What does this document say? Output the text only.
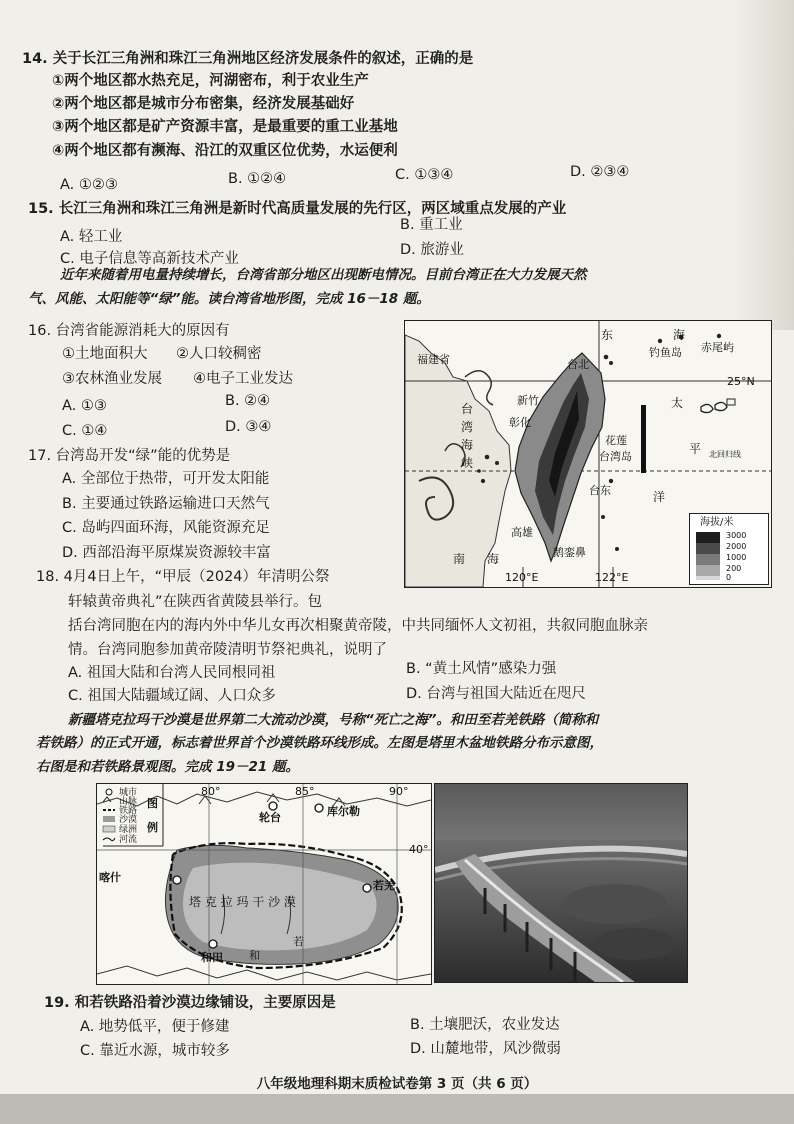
14. 关于长江三角洲和珠江三角洲地区经济发展条件的叙述，正确的是
①两个地区都水热充足，河湖密布，利于农业生产
②两个地区都是城市分布密集，经济发展基础好
③两个地区都是矿产资源丰富，是最重要的重工业基地
④两个地区都有濒海、沿江的双重区位优势，水运便利
A. ①②③	B. ①②④	C. ①③④	D. ②③④
15. 长江三角洲和珠江三角洲是新时代高质量发展的先行区，两区域重点发展的产业
A. 轻工业
B. 重工业
C. 电子信息等高新技术产业
D. 旅游业
近年来随着用电量持续增长，台湾省部分地区出现断电情况。目前台湾正在大力发展天然
气、风能、太阳能等“绿”能。读台湾省地形图，完成 16－18 题。
16. 台湾省能源消耗大的原因有
①土地面积大 ②人口较稠密
③农林渔业发展 ④电子工业发达
A. ①③	B. ②④
C. ①④	D. ③④
17. 台湾岛开发“绿”能的优势是
A. 全部位于热带，可开发太阳能
B. 主要通过铁路运输进口天然气
C. 岛屿四面环海，风能资源充足
D. 西部沿海平原煤炭资源较丰富
福建省
东	海
钓鱼岛 赤尾屿
台北
25°N
新竹
彰化
台
湾
海
峡
花莲
台湾岛
太
平
洋
北回归线
台东
高雄
鹅銮鼻
南 海
120°E	122°E
海拔/米
3000
2000
1000
200
0
18. 4月4日上午，“甲辰（2024）年清明公祭
轩辕黄帝典礼”在陕西省黄陵县举行。包
括台湾同胞在内的海内外中华儿女再次相聚黄帝陵，中共同缅怀人文初祖，共叙同胞血脉亲
情。台湾同胞参加黄帝陵清明节祭祀典礼，说明了
A. 祖国大陆和台湾人民同根同祖	B. “黄土风情”感染力强
C. 祖国大陆疆域辽阔、人口众多	D. 台湾与祖国大陆近在咫尺
新疆塔克拉玛干沙漠是世界第二大流动沙漠，号称“死亡之海”。和田至若羌铁路（简称和
若铁路）的正式开通，标志着世界首个沙漠铁路环线形成。左图是塔里木盆地铁路分布示意图，
右图是和若铁路景观图。完成 19－21 题。
城市
山脉
铁路
沙漠
绿洲
河流
图
例
80°	85°	90°
40°
轮台	库尔勒
喀什
塔 克 拉 玛 干 沙 漠
若羌
和田 和
若
19. 和若铁路沿着沙漠边缘铺设，主要原因是
A. 地势低平，便于修建	B. 土壤肥沃，农业发达
C. 靠近水源，城市较多	D. 山麓地带，风沙微弱
八年级地理科期末质检试卷第 3 页（共 6 页）
